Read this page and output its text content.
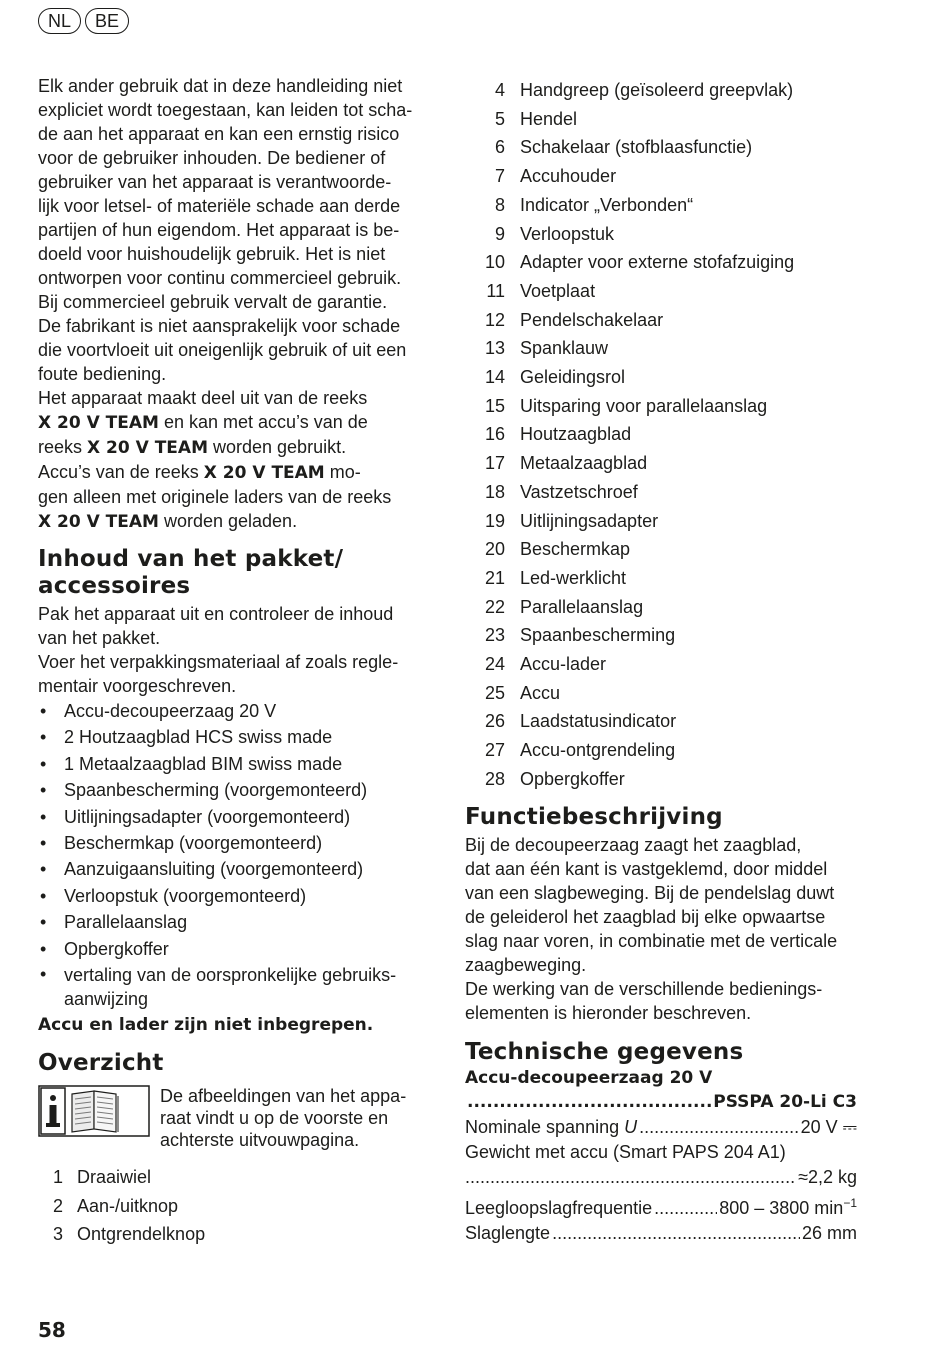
NL	BE

Elk ander gebruik dat in deze handleiding niet
expliciet wordt toegestaan, kan leiden tot scha-
de aan het apparaat en kan een ernstig risico
voor de gebruiker inhouden. De bediener of
gebruiker van het apparaat is verantwoorde-
lijk voor letsel- of materiële schade aan derde
partijen of hun eigendom. Het apparaat is be-
doeld voor huishoudelijk gebruik. Het is niet
ontworpen voor continu commercieel gebruik.
Bij commercieel gebruik vervalt de garantie.
De fabrikant is niet aansprakelijk voor schade
die voortvloeit uit oneigenlijk gebruik of uit een
foute bediening.

Het apparaat maakt deel uit van de reeks
X 20 V TEAM en kan met accu’s van de
reeks X 20 V TEAM worden gebruikt.
Accu’s van de reeks X 20 V TEAM mo-
gen alleen met originele laders van de reeks
X 20 V TEAM worden geladen.

Inhoud van het pakket/
accessoires

Pak het apparaat uit en controleer de inhoud
van het pakket.

Voer het verpakkingsmateriaal af zoals regle-
mentair voorgeschreven.

• Accu-decoupeerzaag 20 V
• 2 Houtzaagblad HCS swiss made
• 1 Metaalzaagblad BIM swiss made
• Spaanbescherming (voorgemonteerd)
• Uitlijningsadapter (voorgemonteerd)
• Beschermkap (voorgemonteerd)
• Aanzuigaansluiting (voorgemonteerd)
• Verloopstuk (voorgemonteerd)
• Parallelaanslag
• Opbergkoffer
• vertaling van de oorspronkelijke gebruiks-
aanwijzing

Accu en lader zijn niet inbegrepen.

Overzicht
De afbeeldingen van het appa-
raat vindt u op de voorste en
achterste uitvouwpagina.
1 Draaiwiel
2 Aan-/uitknop
3 Ontgrendelknop
4 Handgreep (geïsoleerd greepvlak)
5 Hendel
6 Schakelaar (stofblaasfunctie)
7 Accuhouder
8 Indicator „Verbonden“
9 Verloopstuk
10 Adapter voor externe stofafzuiging
11 Voetplaat
12 Pendelschakelaar
13 Spanklauw
14 Geleidingsrol
15 Uitsparing voor parallelaanslag
16 Houtzaagblad
17 Metaalzaagblad
18 Vastzetschroef
19 Uitlijningsadapter
20 Beschermkap
21 Led-werklicht
22 Parallelaanslag
23 Spaanbescherming
24 Accu-lader
25 Accu
26 Laadstatusindicator
27 Accu-ontgrendeling
28 Opbergkoffer
Functiebeschrijving

Bij de decoupeerzaag zaagt het zaagblad,
dat aan één kant is vastgeklemd, door middel
van een slagbeweging. Bij de pendelslag duwt
de geleiderol het zaagblad bij elke opwaartse
slag naar voren, in combinatie met de verticale
zaagbeweging.

De werking van de verschillende bedienings-
elementen is hieronder beschreven.

Technische gegevens
Accu-decoupeerzaag 20 V
.....
PSSPA 20-Li C3
Nominale spanning U .....	20 V ⎓
Gewicht met accu (Smart PAPS 204 A1)
.....
≈2,2 kg
Leegloopslagfrequentie .....	800 – 3800 $\min^{-1}$
Slaglengte .....	26 mm
58
